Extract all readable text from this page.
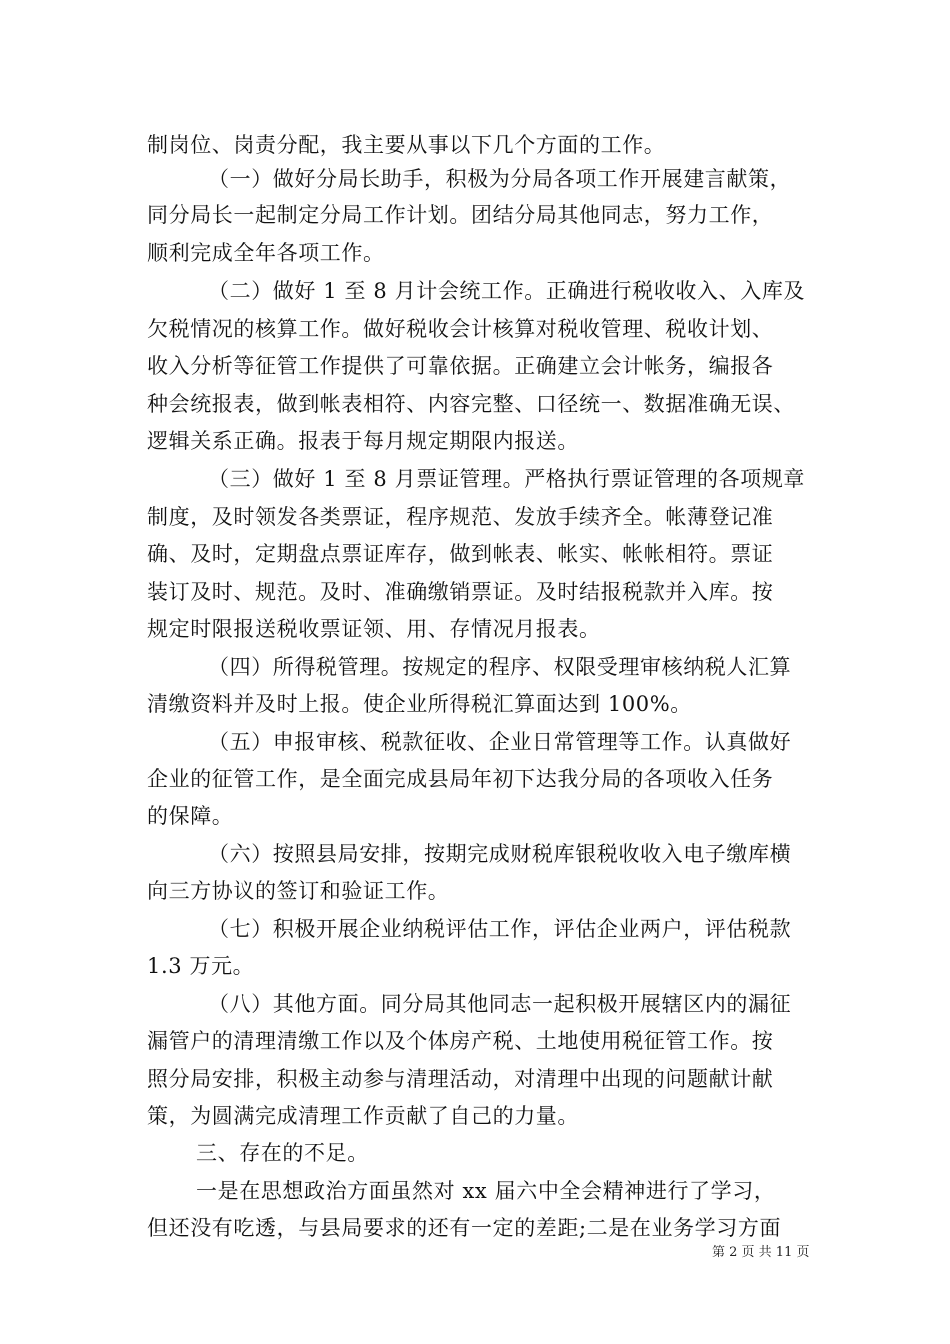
制岗位、岗责分配，我主要从事以下几个方面的工作。
（一）做好分局长助手，积极为分局各项工作开展建言献策，
同分局长一起制定分局工作计划。团结分局其他同志，努力工作，
顺利完成全年各项工作。
（二）做好 1 至 8 月计会统工作。正确进行税收收入、入库及
欠税情况的核算工作。做好税收会计核算对税收管理、税收计划、
收入分析等征管工作提供了可靠依据。正确建立会计帐务，编报各
种会统报表，做到帐表相符、内容完整、口径统一、数据准确无误、
逻辑关系正确。报表于每月规定期限内报送。
（三）做好 1 至 8 月票证管理。严格执行票证管理的各项规章
制度，及时领发各类票证，程序规范、发放手续齐全。帐薄登记准
确、及时，定期盘点票证库存，做到帐表、帐实、帐帐相符。票证
装订及时、规范。及时、准确缴销票证。及时结报税款并入库。按
规定时限报送税收票证领、用、存情况月报表。
（四）所得税管理。按规定的程序、权限受理审核纳税人汇算
清缴资料并及时上报。使企业所得税汇算面达到 100%。
（五）申报审核、税款征收、企业日常管理等工作。认真做好
企业的征管工作，是全面完成县局年初下达我分局的各项收入任务
的保障。
（六）按照县局安排，按期完成财税库银税收收入电子缴库横
向三方协议的签订和验证工作。
（七）积极开展企业纳税评估工作，评估企业两户，评估税款
1.3 万元。
（八）其他方面。同分局其他同志一起积极开展辖区内的漏征
漏管户的清理清缴工作以及个体房产税、土地使用税征管工作。按
照分局安排，积极主动参与清理活动，对清理中出现的问题献计献
策，为圆满完成清理工作贡献了自己的力量。
三、存在的不足。
一是在思想政治方面虽然对 xx 届六中全会精神进行了学习，
但还没有吃透，与县局要求的还有一定的差距;二是在业务学习方面
第 2 页 共 11 页
